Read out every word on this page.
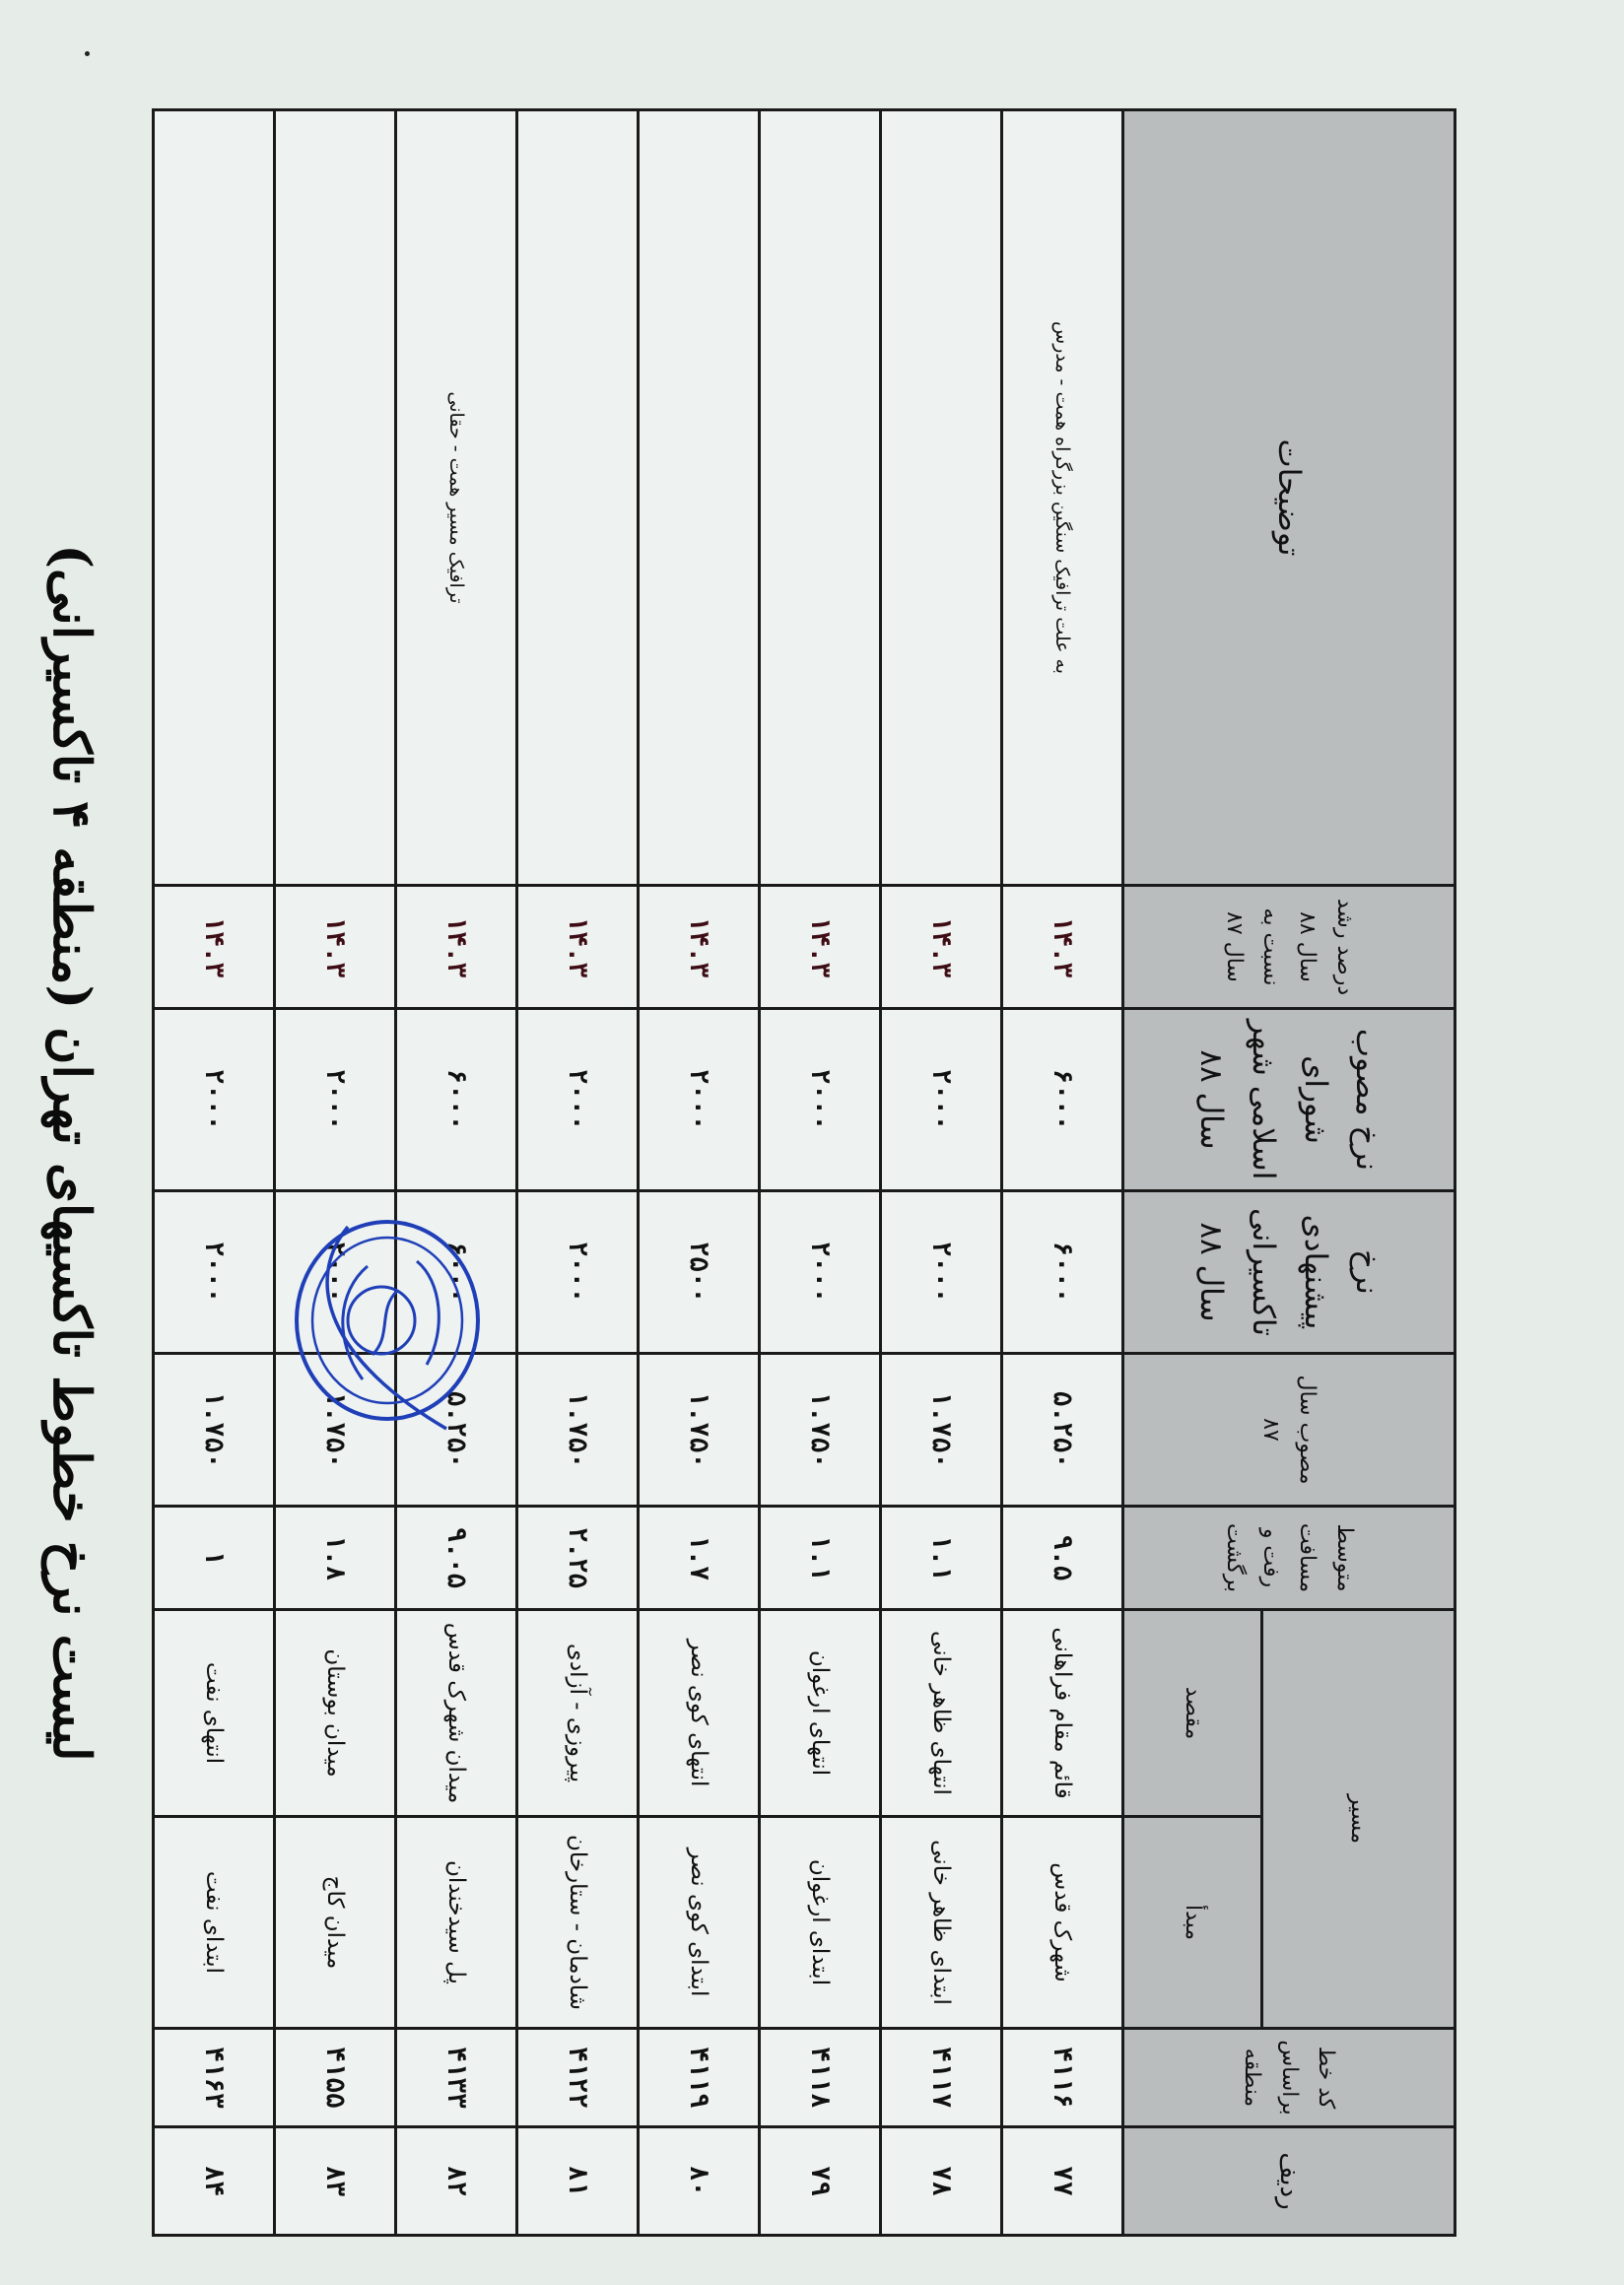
لیست نرخ خطوط تاکسیهای تهران (منطقه ۴ تاکسیرانی)
ردیف	کد خط براساس منطقه	مسیر		متوسط مسافت رفت و برگشت	مصوب سال ۸۷	نرخ پیشنهادی تاکسیرانی سال ۸۸	نرخ مصوب شورای اسلامی شهر سال ۸۸	درصد رشد سال ۸۸ نسبت به سال ۸۷	توضیحات
		مبدأ	مقصد						
۷۷	۴۱۱۶	شهرک قدس	قائم مقام فراهانی	۹.۵	۵.۲۵۰	۶۰۰۰	۶۰۰۰	۱۴.۳	به علت ترافیک سنگین بزرگراه همت - مدرس
۷۸	۴۱۱۷	ابتدای ظاهر خانی	انتهای ظاهر خانی	۱.۱	۱.۷۵۰	۲۰۰۰	۲۰۰۰	۱۴.۳	
۷۹	۴۱۱۸	ابتدای ارغوان	انتهای ارغوان	۱.۱	۱.۷۵۰	۲۰۰۰	۲۰۰۰	۱۴.۳	
۸۰	۴۱۱۹	ابتدای کوی نصر	انتهای کوی نصر	۱.۷	۱.۷۵۰	۲۵۰۰	۲۰۰۰	۱۴.۳	
۸۱	۴۱۲۲	شادمان - ستارخان	پیروزی - آزادی	۲.۲۵	۱.۷۵۰	۲۰۰۰	۲۰۰۰	۱۴.۳	
۸۲	۴۱۳۳	پل سیدخندان	میدان شهرک قدس	۹.۰۵	۵.۲۵۰	۶۰۰۰	۶۰۰۰	۱۴.۳	ترافیک مسیر همت - حقانی
۸۳	۴۱۵۵	میدان کاج	میدان بوستان	۱.۸	۱.۷۵۰	۲۰۰۰	۲۰۰۰	۱۴.۳	
۸۴	۴۱۶۳	ابتدای نفت	انتهای نفت	۱	۱.۷۵۰	۲۰۰۰	۲۰۰۰	۱۴.۳	
